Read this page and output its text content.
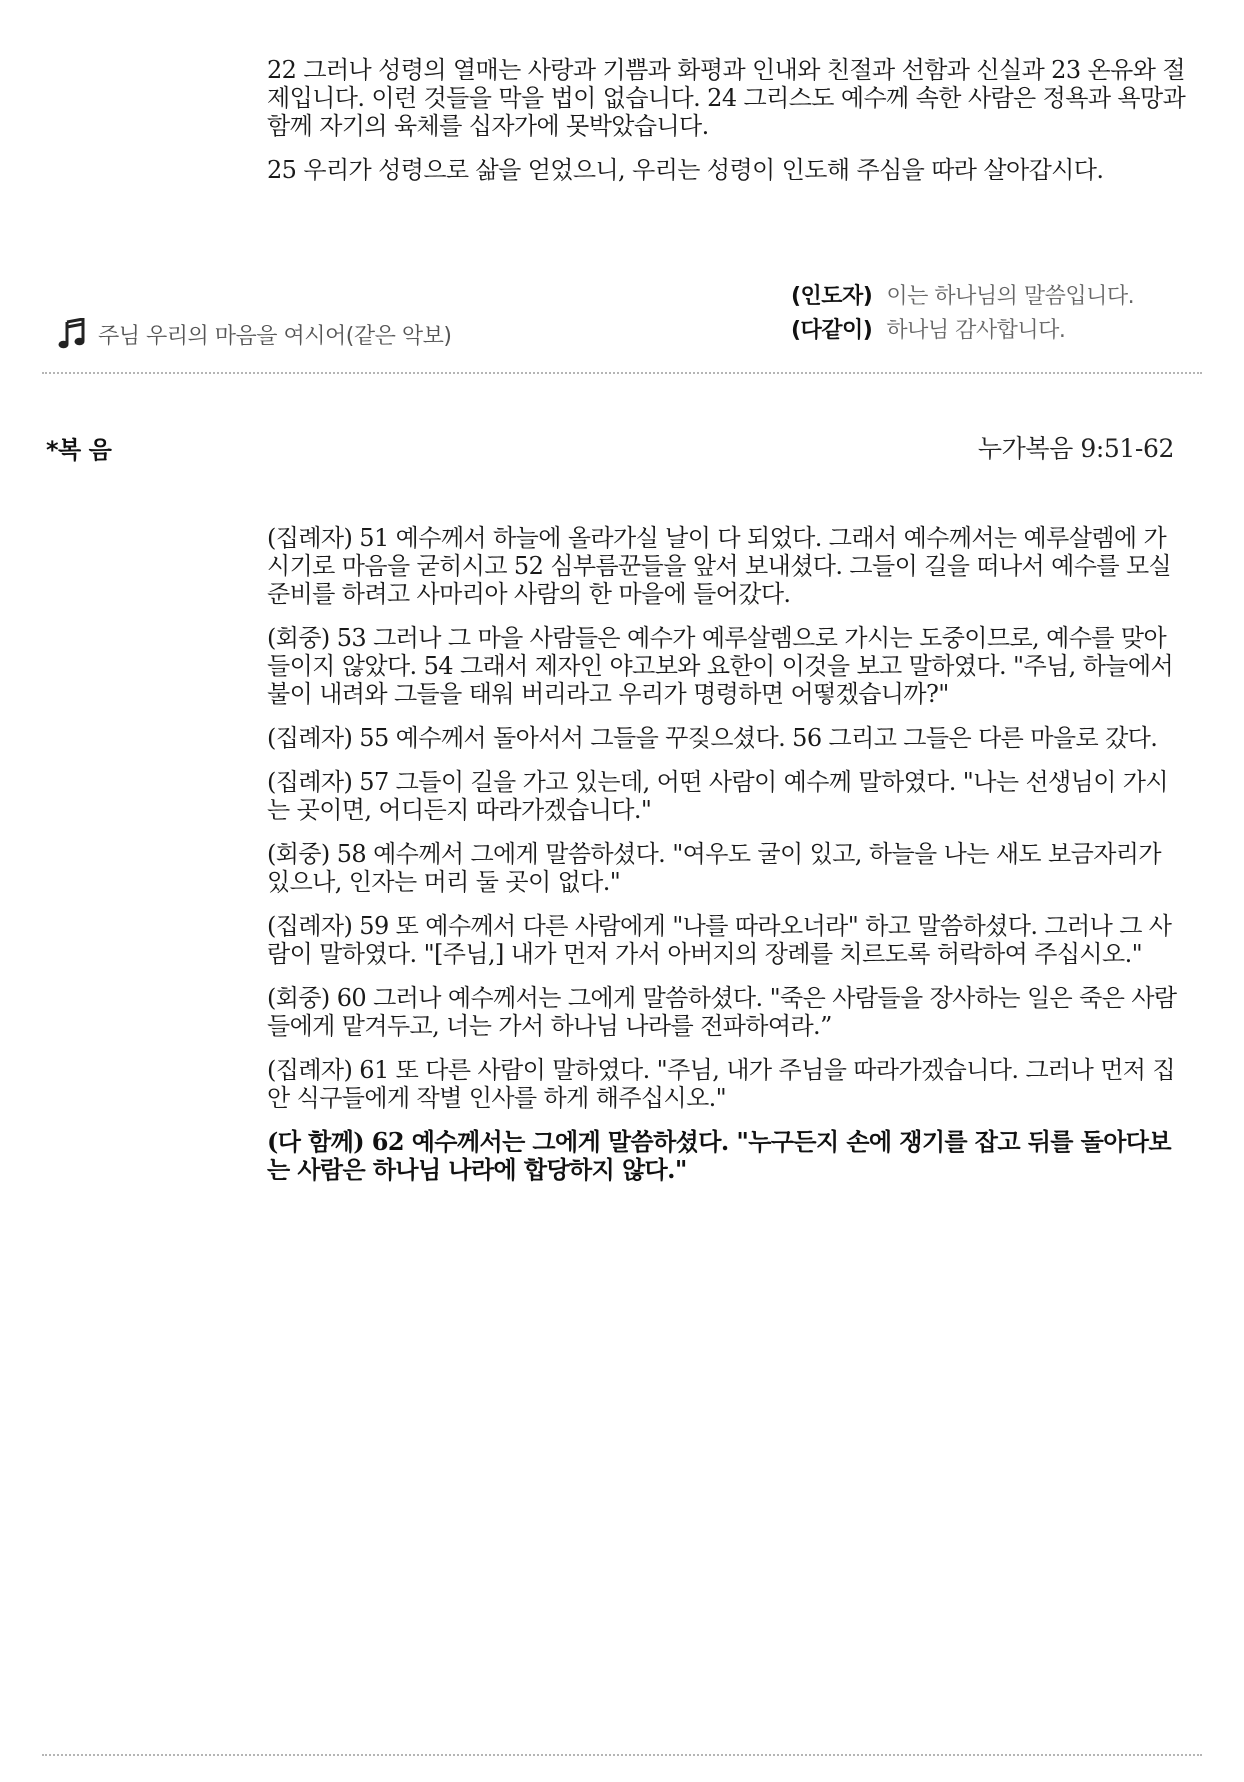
22 그러나 성령의 열매는 사랑과 기쁨과 화평과 인내와 친절과 선함과 신실과 23 온유와 절제입니다. 이런 것들을 막을 법이 없습니다. 24 그리스도 예수께 속한 사람은 정욕과 욕망과 함께 자기의 육체를 십자가에 못박았습니다.

25 우리가 성령으로 삶을 얻었으니, 우리는 성령이 인도해 주심을 따라 살아갑시다.

주님 우리의 마음을 여시어(같은 악보)
(인도자) 이는 하나님의 말씀입니다.
(다같이) 하나님 감사합니다.
*복 음	누가복음 9:51-62

(집례자) 51 예수께서 하늘에 올라가실 날이 다 되었다. 그래서 예수께서는 예루살렘에 가시기로 마음을 굳히시고 52 심부름꾼들을 앞서 보내셨다. 그들이 길을 떠나서 예수를 모실 준비를 하려고 사마리아 사람의 한 마을에 들어갔다.

(회중) 53 그러나 그 마을 사람들은 예수가 예루살렘으로 가시는 도중이므로, 예수를 맞아들이지 않았다. 54 그래서 제자인 야고보와 요한이 이것을 보고 말하였다. "주님, 하늘에서 불이 내려와 그들을 태워 버리라고 우리가 명령하면 어떻겠습니까?"

(집례자) 55 예수께서 돌아서서 그들을 꾸짖으셨다. 56 그리고 그들은 다른 마을로 갔다.

(집례자) 57 그들이 길을 가고 있는데, 어떤 사람이 예수께 말하였다. "나는 선생님이 가시는 곳이면, 어디든지 따라가겠습니다."

(회중) 58 예수께서 그에게 말씀하셨다. "여우도 굴이 있고, 하늘을 나는 새도 보금자리가 있으나, 인자는 머리 둘 곳이 없다."

(집례자) 59 또 예수께서 다른 사람에게 "나를 따라오너라" 하고 말씀하셨다. 그러나 그 사람이 말하였다. "[주님,] 내가 먼저 가서 아버지의 장례를 치르도록 허락하여 주십시오."

(회중) 60 그러나 예수께서는 그에게 말씀하셨다. "죽은 사람들을 장사하는 일은 죽은 사람들에게 맡겨두고, 너는 가서 하나님 나라를 전파하여라.”

(집례자) 61 또 다른 사람이 말하였다. "주님, 내가 주님을 따라가겠습니다. 그러나 먼저 집안 식구들에게 작별 인사를 하게 해주십시오."

(다 함께) 62 예수께서는 그에게 말씀하셨다. "누구든지 손에 쟁기를 잡고 뒤를 돌아다보는 사람은 하나님 나라에 합당하지 않다."
